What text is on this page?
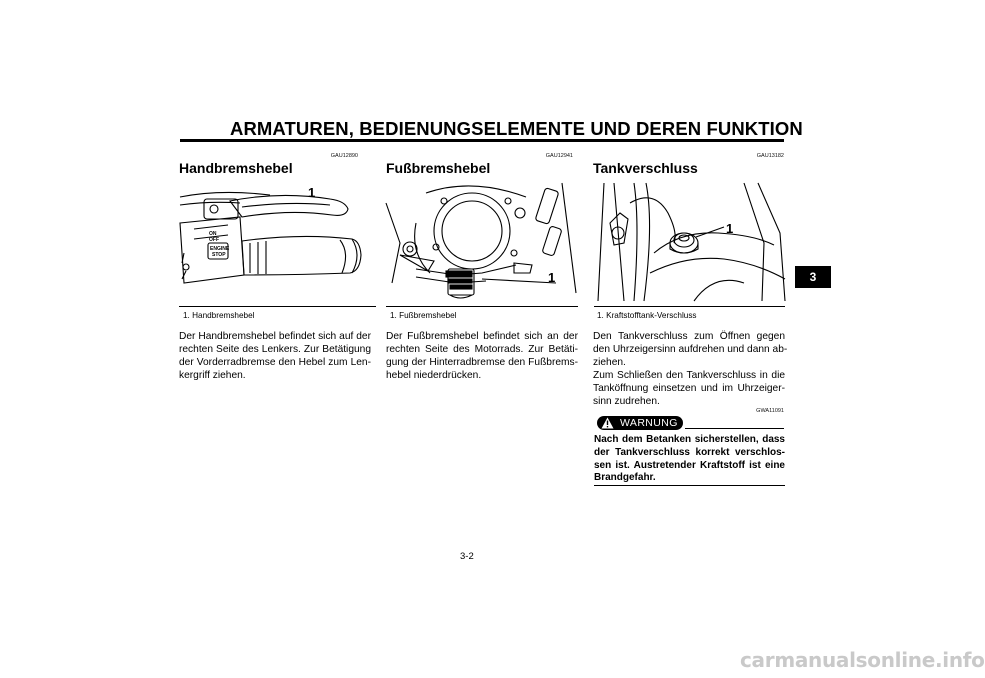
ARMATUREN, BEDIENUNGSELEMENTE UND DEREN FUNKTION
3
GAU12890
Handbremshebel
ON
OFF
ENGINE
STOP
1
1. Handbremshebel
Der Handbremshebel befindet sich auf der
rechten Seite des Lenkers. Zur Betätigung
der Vorderradbremse den Hebel zum Len-
kergriff ziehen.
GAU12941
Fußbremshebel
1
1. Fußbremshebel
Der Fußbremshebel befindet sich an der
rechten Seite des Motorrads. Zur Betäti-
gung der Hinterradbremse den Fußbrems-
hebel niederdrücken.
GAU13182
Tankverschluss
1
1. Kraftstofftank-Verschluss
Den Tankverschluss zum Öffnen gegen
den Uhrzeigersinn aufdrehen und dann ab-
ziehen.
Zum Schließen den Tankverschluss in die
Tanköffnung einsetzen und im Uhrzeiger-
sinn zudrehen.
GWA11091
WARNUNG
Nach dem Betanken sicherstellen, dass
der Tankverschluss korrekt verschlos-
sen ist. Austretender Kraftstoff ist eine
Brandgefahr.
3-2
carmanualsonline.info
